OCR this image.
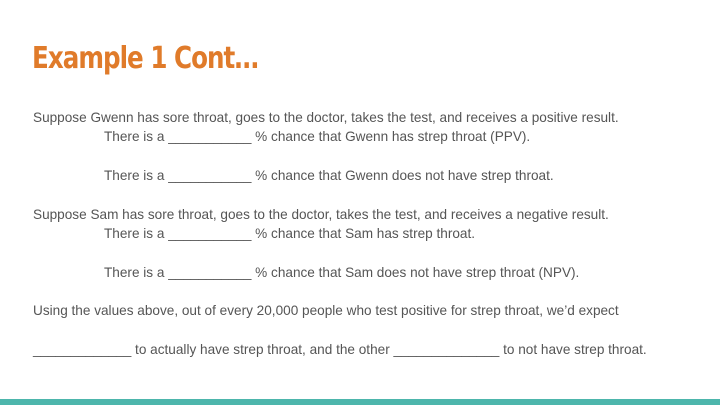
Example 1 Cont…
Suppose Gwenn has sore throat, goes to the doctor, takes the test, and receives a positive result.
There is a ___________ % chance that Gwenn has strep throat (PPV).
There is a ___________ % chance that Gwenn does not have strep throat.
Suppose Sam has sore throat, goes to the doctor, takes the test, and receives a negative result.
There is a ___________ % chance that Sam has strep throat.
There is a ___________ % chance that Sam does not have strep throat (NPV).
Using the values above, out of every 20,000 people who test positive for strep throat, we’d expect
_____________ to actually have strep throat, and the other ______________ to not have strep throat.
